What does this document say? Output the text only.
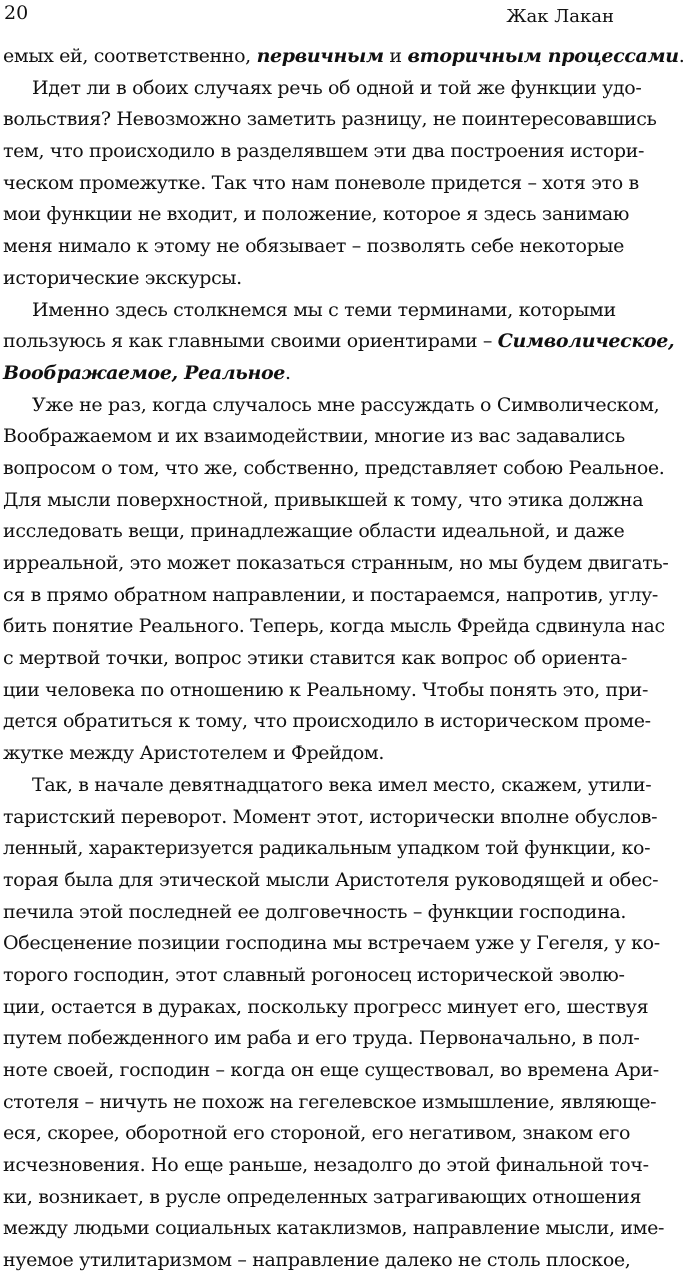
20	Жак Лакан
емых ей, соответственно, первичным и вторичным процессами.
Идет ли в обоих случаях речь об одной и той же функции удо-
вольствия? Невозможно заметить разницу, не поинтересовавшись
тем, что происходило в разделявшем эти два построения истори-
ческом промежутке. Так что нам поневоле придется – хотя это в
мои функции не входит, и положение, которое я здесь занимаю
меня нимало к этому не обязывает – позволять себе некоторые
исторические экскурсы.
Именно здесь столкнемся мы с теми терминами, которыми
пользуюсь я как главными своими ориентирами – Символическое,
Воображаемое, Реальное.
Уже не раз, когда случалось мне рассуждать о Символическом,
Воображаемом и их взаимодействии, многие из вас задавались
вопросом о том, что же, собственно, представляет собою Реальное.
Для мысли поверхностной, привыкшей к тому, что этика должна
исследовать вещи, принадлежащие области идеальной, и даже
ирреальной, это может показаться странным, но мы будем двигать-
ся в прямо обратном направлении, и постараемся, напротив, углу-
бить понятие Реального. Теперь, когда мысль Фрейда сдвинула нас
с мертвой точки, вопрос этики ставится как вопрос об ориента-
ции человека по отношению к Реальному. Чтобы понять это, при-
дется обратиться к тому, что происходило в историческом проме-
жутке между Аристотелем и Фрейдом.
Так, в начале девятнадцатого века имел место, скажем, утили-
таристский переворот. Момент этот, исторически вполне обуслов-
ленный, характеризуется радикальным упадком той функции, ко-
торая была для этической мысли Аристотеля руководящей и обес-
печила этой последней ее долговечность – функции господина.
Обесценение позиции господина мы встречаем уже у Гегеля, у ко-
торого господин, этот славный рогоносец исторической эволю-
ции, остается в дураках, поскольку прогресс минует его, шествуя
путем побежденного им раба и его труда. Первоначально, в пол-
ноте своей, господин – когда он еще существовал, во времена Ари-
стотеля – ничуть не похож на гегелевское измышление, являюще-
еся, скорее, оборотной его стороной, его негативом, знаком его
исчезновения. Но еще раньше, незадолго до этой финальной точ-
ки, возникает, в русле определенных затрагивающих отношения
между людьми социальных катаклизмов, направление мысли, име-
нуемое утилитаризмом – направление далеко не столь плоское,
